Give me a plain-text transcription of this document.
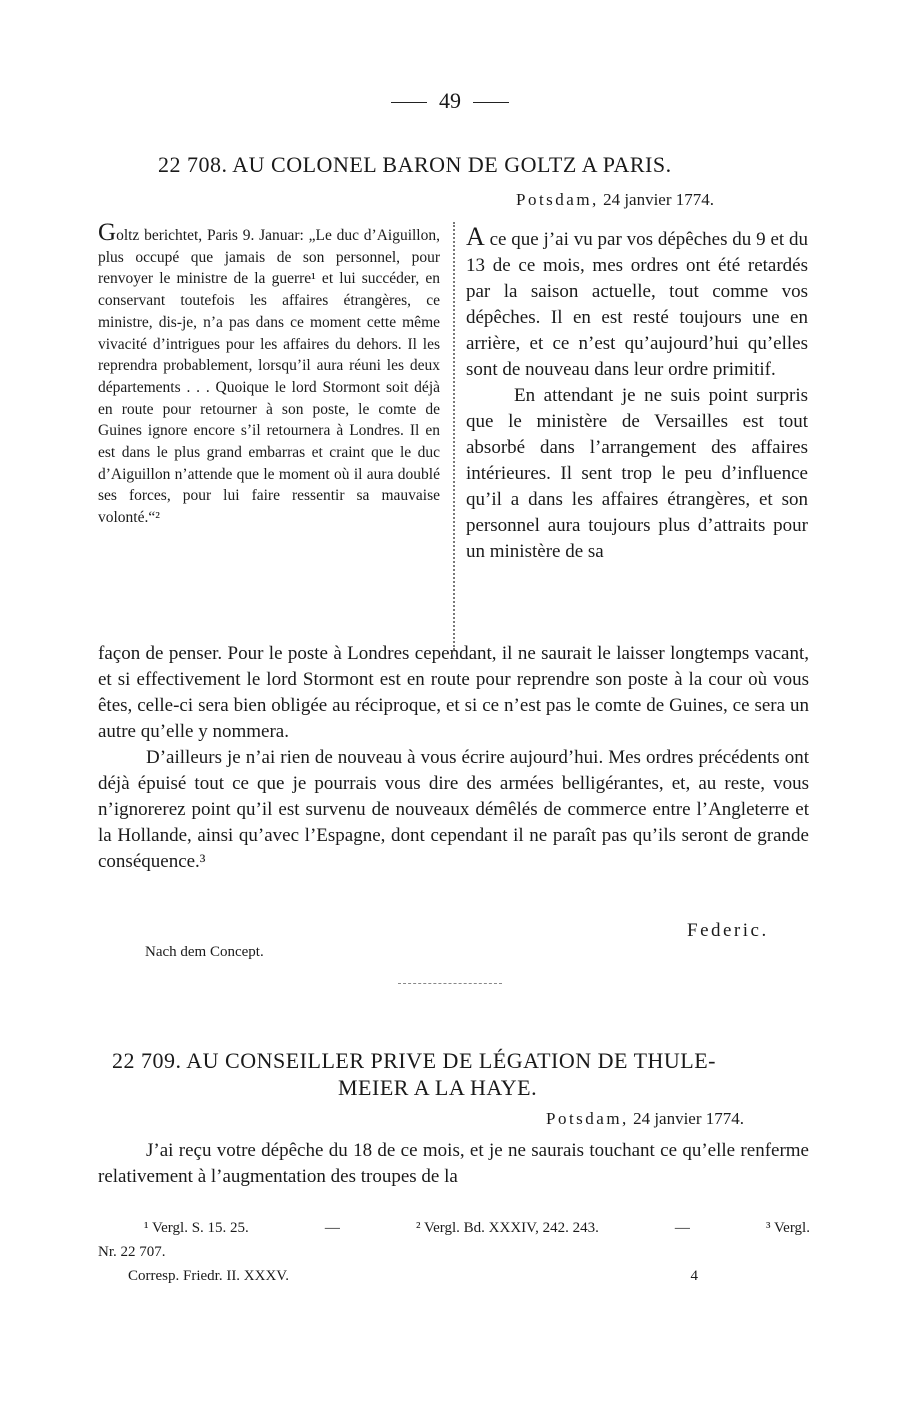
49
22 708. AU COLONEL BARON DE GOLTZ A PARIS.
Potsdam, 24 janvier 1774.
Goltz berichtet, Paris 9. Januar: „Le duc d’Aiguillon, plus occupé que jamais de son personnel, pour renvoyer le ministre de la guerre¹ et lui succéder, en conservant toutefois les affaires étrangères, ce ministre, dis-je, n’a pas dans ce moment cette même vivacité d’intrigues pour les affaires du dehors. Il les reprendra probablement, lorsqu’il aura réuni les deux départements . . . Quoique le lord Stormont soit déjà en route pour retourner à son poste, le comte de Guines ignore encore s’il retournera à Londres. Il en est dans le plus grand embarras et craint que le duc d’Aiguillon n’attende que le moment où il aura doublé ses forces, pour lui faire ressentir sa mauvaise volonté.“²

A ce que j’ai vu par vos dépêches du 9 et du 13 de ce mois, mes ordres ont été retardés par la saison actuelle, tout comme vos dépêches. Il en est resté toujours une en arrière, et ce n’est qu’aujourd’hui qu’elles sont de nouveau dans leur ordre primitif.

En attendant je ne suis point surpris que le ministère de Versailles est tout absorbé dans l’arrangement des affaires intérieures. Il sent trop le peu d’influence qu’il a dans les affaires étrangères, et son personnel aura toujours plus d’attraits pour un ministère de sa

façon de penser. Pour le poste à Londres cependant, il ne saurait le laisser longtemps vacant, et si effectivement le lord Stormont est en route pour reprendre son poste à la cour où vous êtes, celle-ci sera bien obligée au réciproque, et si ce n’est pas le comte de Guines, ce sera un autre qu’elle y nommera.

D’ailleurs je n’ai rien de nouveau à vous écrire aujourd’hui. Mes ordres précédents ont déjà épuisé tout ce que je pourrais vous dire des armées belligérantes, et, au reste, vous n’ignorerez point qu’il est survenu de nouveaux démêlés de commerce entre l’Angleterre et la Hollande, ainsi qu’avec l’Espagne, dont cependant il ne paraît pas qu’ils seront de grande conséquence.³

Federic.
Nach dem Concept.
22 709. AU CONSEILLER PRIVE DE LÉGATION DE THULE-
MEIER A LA HAYE.
Potsdam, 24 janvier 1774.

J’ai reçu votre dépêche du 18 de ce mois, et je ne saurais touchant ce qu’elle renferme relativement à l’augmentation des troupes de la

¹ Vergl. S. 15. 25.	—	² Vergl. Bd. XXXIV, 242. 243.	—	³ Vergl.
Nr. 22 707.
Corresp. Friedr. II. XXXV.	4
